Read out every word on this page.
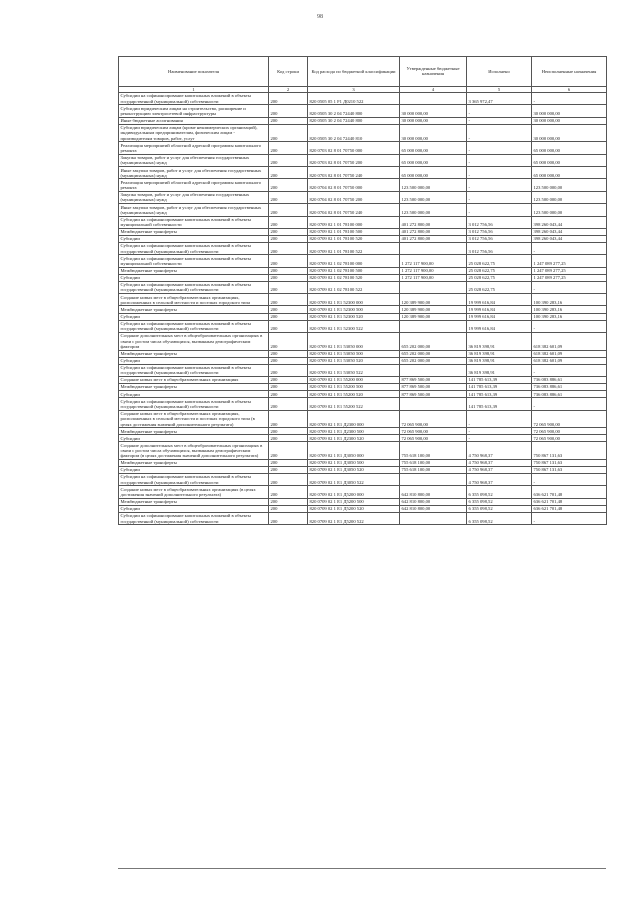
98
Наименование показателя	Код строки	Код расхода по бюджетной классификации	Утвержденные бюджетные назначения	Исполнено	Неисполненные назначения
1	2	3	4	5	6
Субсидии на софинансирование капитальных вложений в объекты государственной (муниципальной) собственности	200	820 0505 05 1 F1 Д0210 522		3 365 972,47	-
Субсидии юридическим лицам на строительство, расширение и реконструкцию электросетевой инфраструктуры	200	820 0505 30 2 04 72440 800	30 000 000,00	-	30 000 000,00
Иные бюджетные ассигнования	200	820 0505 30 2 04 72440 800	30 000 000,00	-	30 000 000,00
Субсидии юридическим лицам (кроме некоммерческих организаций), индивидуальным предпринимателям, физическим лицам - производителям товаров, работ, услуг	200	820 0505 30 2 04 72440 810	30 000 000,00	-	30 000 000,00
Реализация мероприятий областной адресной программы капитального ремонта	200	820 0703 02 8 01 70750 000	65 000 000,00	-	65 000 000,00
Закупка товаров, работ и услуг для обеспечения государственных (муниципальных) нужд	200	820 0703 02 8 01 70750 200	65 000 000,00	-	65 000 000,00
Иные закупки товаров, работ и услуг для обеспечения государственных (муниципальных) нужд	200	820 0703 02 8 01 70750 240	65 000 000,00	-	65 000 000,00
Реализация мероприятий областной адресной программы капитального ремонта	200	820 0704 02 8 01 70750 000	123 500 000,00	-	123 500 000,00
Закупка товаров, работ и услуг для обеспечения государственных (муниципальных) нужд	200	820 0704 02 8 01 70750 200	123 500 000,00	-	123 500 000,00
Иные закупки товаров, работ и услуг для обеспечения государственных (муниципальных) нужд	200	820 0704 02 8 01 70750 240	123 500 000,00	-	123 500 000,00
Субсидии на софинансирование капитальных вложений в объекты муниципальной собственности	200	820 0709 02 1 01 78100 000	401 272 800,00	3 012 756,56	398 260 043,44
Межбюджетные трансферты	200	820 0709 02 1 01 78100 500	401 272 800,00	3 012 756,56	398 260 043,44
Субсидии	200	820 0709 02 1 01 78100 520	401 272 800,00	3 012 756,56	398 260 043,44
Субсидии на софинансирование капитальных вложений в объекты государственной (муниципальной) собственности	200	820 0709 02 1 01 78100 522		3 012 756,56	-
Субсидии на софинансирование капитальных вложений в объекты муниципальной собственности	200	820 0709 02 1 02 78100 000	1 272 117 900,00	25 028 622,75	1 247 089 277,25
Межбюджетные трансферты	200	820 0709 02 1 02 78100 500	1 272 117 900,00	25 028 622,75	1 247 089 277,25
Субсидии	200	820 0709 02 1 02 78100 520	1 272 117 900,00	25 028 622,75	1 247 089 277,25
Субсидии на софинансирование капитальных вложений в объекты государственной (муниципальной) собственности	200	820 0709 02 1 02 78100 522		25 028 622,75	-
Создание новых мест в общеобразовательных организациях, расположенных в сельской местности и поселках городского типа	200	820 0709 02 1 E1 52300 000	120 389 900,00	19 999 616,84	100 390 283,16
Межбюджетные трансферты	200	820 0709 02 1 E1 52300 500	120 389 900,00	19 999 616,84	100 390 283,16
Субсидии	200	820 0709 02 1 E1 52300 520	120 389 900,00	19 999 616,84	100 390 283,16
Субсидии на софинансирование капитальных вложений в объекты государственной (муниципальной) собственности	200	820 0709 02 1 E1 52300 522		19 999 616,84	-
Создание дополнительных мест в общеобразовательных организациях в связи с ростом числа обучающихся, вызванным демографическим фактором	200	820 0709 02 1 E1 53050 000	655 202 000,00	36 819 398,91	618 382 601,09
Межбюджетные трансферты	200	820 0709 02 1 E1 53050 500	655 202 000,00	36 819 398,91	618 382 601,09
Субсидии	200	820 0709 02 1 E1 53050 520	655 202 000,00	36 819 398,91	618 382 601,09
Субсидии на софинансирование капитальных вложений в объекты государственной (муниципальной) собственности	200	820 0709 02 1 E1 53050 522		36 819 398,91	-
Создание новых мест в общеобразовательных организациях	200	820 0709 02 1 E1 55200 000	877 869 500,00	141 785 613,39	736 083 886,61
Межбюджетные трансферты	200	820 0709 02 1 E1 55200 500	877 869 500,00	141 785 613,39	736 083 886,61
Субсидии	200	820 0709 02 1 E1 55200 520	877 869 500,00	141 785 613,39	736 083 886,61
Субсидии на софинансирование капитальных вложений в объекты государственной (муниципальной) собственности	200	820 0709 02 1 E1 55200 522		141 785 613,39	-
Создание новых мест в общеобразовательных организациях, расположенных в сельской местности и поселках городского типа (в целях достижения значений дополнительного результата)	200	820 0709 02 1 E1 Д2300 000	72 065 900,00	-	72 065 900,00
Межбюджетные трансферты	200	820 0709 02 1 E1 Д2300 500	72 065 900,00	-	72 065 900,00
Субсидии	200	820 0709 02 1 E1 Д2300 520	72 065 900,00	-	72 065 900,00
Создание дополнительных мест в общеобразовательных организациях в связи с ростом числа обучающихся, вызванным демографическим фактором (в целях достижения значений дополнительного результата)	200	820 0709 02 1 E1 Д3050 000	755 618 100,00	4 750 968,37	750 867 131,63
Межбюджетные трансферты	200	820 0709 02 1 E1 Д3050 500	755 618 100,00	4 750 968,37	750 867 131,63
Субсидии	200	820 0709 02 1 E1 Д3050 520	755 618 100,00	4 750 968,37	750 867 131,63
Субсидии на софинансирование капитальных вложений в объекты государственной (муниципальной) собственности	200	820 0709 02 1 E1 Д3050 522		4 750 968,37	-
Создание новых мест в общеобразовательных организациях (в целях достижения значений дополнительного результата)	200	820 0709 02 1 E1 Д5200 000	642 810 800,00	6 355 098,52	636 621 701,48
Межбюджетные трансферты	200	820 0709 02 1 E1 Д5200 500	642 810 800,00	6 355 098,52	636 621 701,48
Субсидии	200	820 0709 02 1 E1 Д5200 520	642 810 800,00	6 355 098,52	636 621 701,48
Субсидии на софинансирование капитальных вложений в объекты государственной (муниципальной) собственности	200	820 0709 02 1 E1 Д5200 522		6 355 098,52	-
